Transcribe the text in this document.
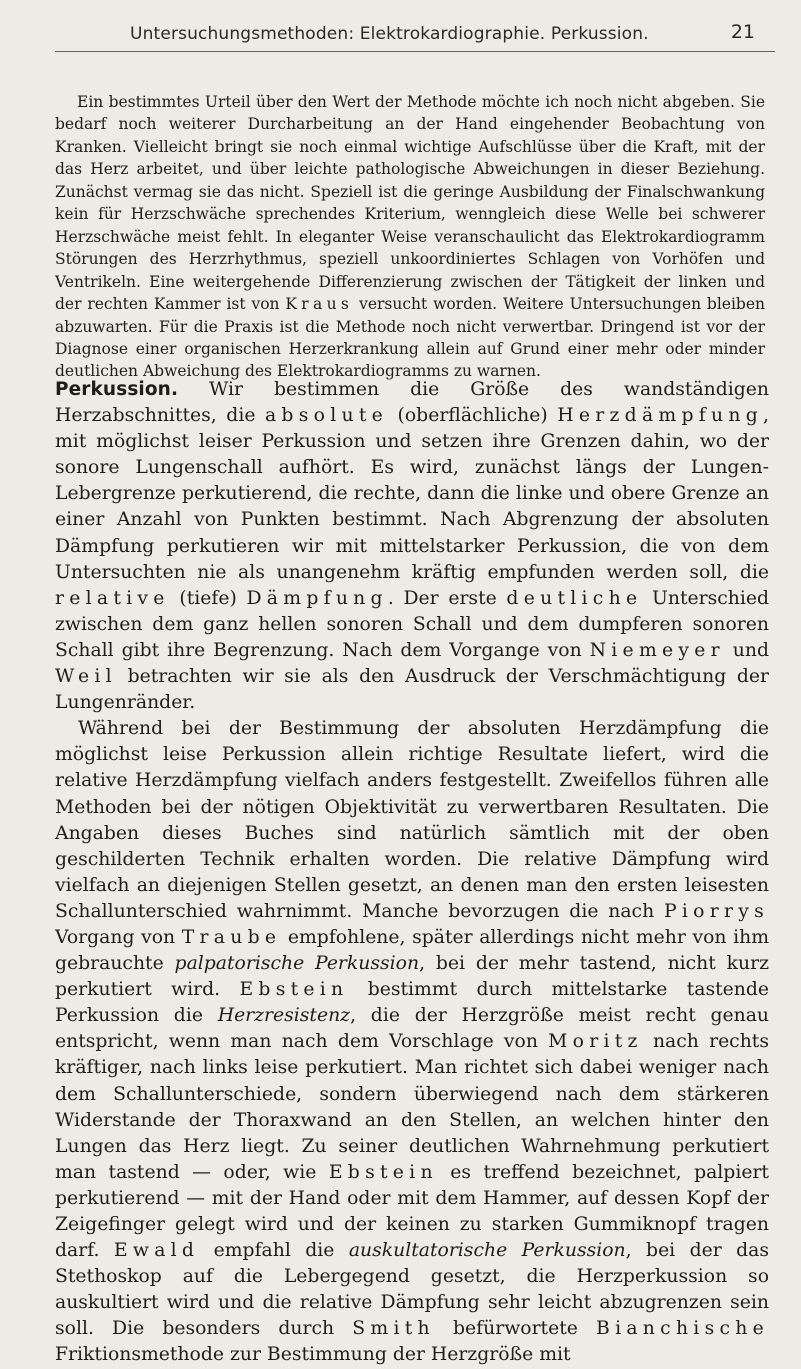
Untersuchungsmethoden: Elektrokardiographie. Perkussion.	21

Ein bestimmtes Urteil über den Wert der Methode möchte ich noch nicht abgeben. Sie bedarf noch weiterer Durcharbeitung an der Hand eingehender Beobachtung von Kranken. Vielleicht bringt sie noch einmal wichtige Aufschlüsse über die Kraft, mit der das Herz arbeitet, und über leichte pathologische Abweichungen in dieser Beziehung. Zunächst vermag sie das nicht. Speziell ist die geringe Ausbildung der Finalschwankung kein für Herzschwäche sprechendes Kriterium, wenngleich diese Welle bei schwerer Herzschwäche meist fehlt. In eleganter Weise veranschaulicht das Elektrokardiogramm Störungen des Herzrhythmus, speziell unkoordiniertes Schlagen von Vorhöfen und Ventrikeln. Eine weitergehende Differenzierung zwischen der Tätigkeit der linken und der rechten Kammer ist von Kraus versucht worden. Weitere Untersuchungen bleiben abzuwarten. Für die Praxis ist die Methode noch nicht verwertbar. Dringend ist vor der Diagnose einer organischen Herzerkrankung allein auf Grund einer mehr oder minder deutlichen Abweichung des Elektrokardiogramms zu warnen.

Perkussion. Wir bestimmen die Größe des wandständigen Herzabschnittes, die absolute (oberflächliche) Herzdämpfung, mit möglichst leiser Perkussion und setzen ihre Grenzen dahin, wo der sonore Lungenschall aufhört. Es wird, zunächst längs der Lungen-Lebergrenze perkutierend, die rechte, dann die linke und obere Grenze an einer Anzahl von Punkten bestimmt. Nach Abgrenzung der absoluten Dämpfung perkutieren wir mit mittelstarker Perkussion, die von dem Untersuchten nie als unangenehm kräftig empfunden werden soll, die relative (tiefe) Dämpfung. Der erste deutliche Unterschied zwischen dem ganz hellen sonoren Schall und dem dumpferen sonoren Schall gibt ihre Begrenzung. Nach dem Vorgange von Niemeyer und Weil betrachten wir sie als den Ausdruck der Verschmächtigung der Lungenränder.

Während bei der Bestimmung der absoluten Herzdämpfung die möglichst leise Perkussion allein richtige Resultate liefert, wird die relative Herzdämpfung vielfach anders festgestellt. Zweifellos führen alle Methoden bei der nötigen Objektivität zu verwertbaren Resultaten. Die Angaben dieses Buches sind natürlich sämtlich mit der oben geschilderten Technik erhalten worden. Die relative Dämpfung wird vielfach an diejenigen Stellen gesetzt, an denen man den ersten leisesten Schallunterschied wahrnimmt. Manche bevorzugen die nach Piorrys Vorgang von Traube empfohlene, später allerdings nicht mehr von ihm gebrauchte palpatorische Perkussion, bei der mehr tastend, nicht kurz perkutiert wird. Ebstein bestimmt durch mittelstarke tastende Perkussion die Herzresistenz, die der Herzgröße meist recht genau entspricht, wenn man nach dem Vorschlage von Moritz nach rechts kräftiger, nach links leise perkutiert. Man richtet sich dabei weniger nach dem Schallunterschiede, sondern überwiegend nach dem stärkeren Widerstande der Thoraxwand an den Stellen, an welchen hinter den Lungen das Herz liegt. Zu seiner deutlichen Wahrnehmung perkutiert man tastend — oder, wie Ebstein es treffend bezeichnet, palpiert perkutierend — mit der Hand oder mit dem Hammer, auf dessen Kopf der Zeigefinger gelegt wird und der keinen zu starken Gummiknopf tragen darf. Ewald empfahl die auskultatorische Perkussion, bei der das Stethoskop auf die Lebergegend gesetzt, die Herzperkussion so auskultiert wird und die relative Dämpfung sehr leicht abzugrenzen sein soll. Die besonders durch Smith befürwortete Bianchische Friktionsmethode zur Bestimmung der Herzgröße mit
